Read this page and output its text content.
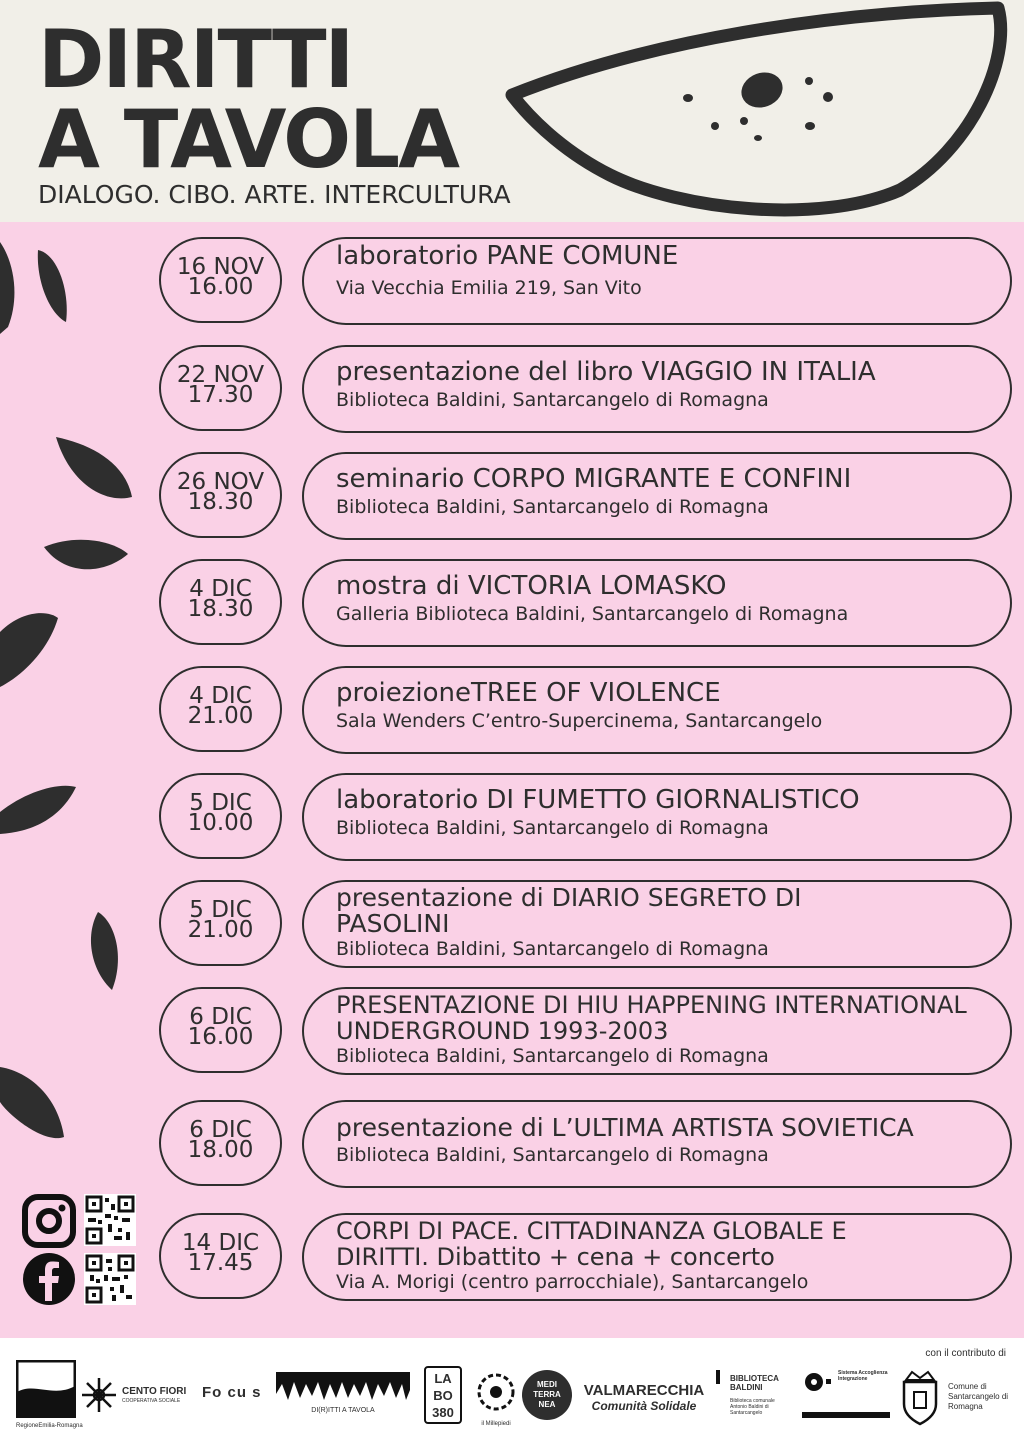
DIRITTI
A TAVOLA
DIALOGO. CIBO. ARTE. INTERCULTURA
16 NOV
16.00
laboratorio PANE COMUNE
Via Vecchia Emilia 219, San Vito
22 NOV
17.30
presentazione del libro VIAGGIO IN ITALIA
Biblioteca Baldini, Santarcangelo di Romagna
26 NOV
18.30
seminario CORPO MIGRANTE E CONFINI
Biblioteca Baldini, Santarcangelo di Romagna
4 DIC
18.30
mostra di VICTORIA LOMASKO
Galleria Biblioteca Baldini, Santarcangelo di Romagna
4 DIC
21.00
proiezioneTREE OF VIOLENCE
Sala Wenders C’entro-Supercinema, Santarcangelo
5 DIC
10.00
laboratorio DI FUMETTO GIORNALISTICO
Biblioteca Baldini, Santarcangelo di Romagna
5 DIC
21.00
presentazione di DIARIO SEGRETO DI PASOLINI
Biblioteca Baldini, Santarcangelo di Romagna
6 DIC
16.00
PRESENTAZIONE DI HIU HAPPENING INTERNATIONAL UNDERGROUND 1993-2003
Biblioteca Baldini, Santarcangelo di Romagna
6 DIC
18.00
presentazione di L’ULTIMA ARTISTA SOVIETICA
Biblioteca Baldini, Santarcangelo di Romagna
14 DIC
17.45
CORPI DI PACE. CITTADINANZA GLOBALE E DIRITTI. Dibattito + cena + concerto
Via A. Morigi (centro parrocchiale), Santarcangelo
con il contributo di
RegioneEmilia-Romagna
CENTO FIORI
COOPERATIVA SOCIALE Fo cu s
DI(R)ITTI A TAVOLA
LA BO 380
il Millepiedi
MEDI TERRA NEA
VALMARECCHIA
Comunità Solidale
BIBLIOTECA BALDINI
Biblioteca comunale Antonio Baldini di Santarcangelo
Sistema Accoglienza Integrazione
Comune di Santarcangelo di Romagna
